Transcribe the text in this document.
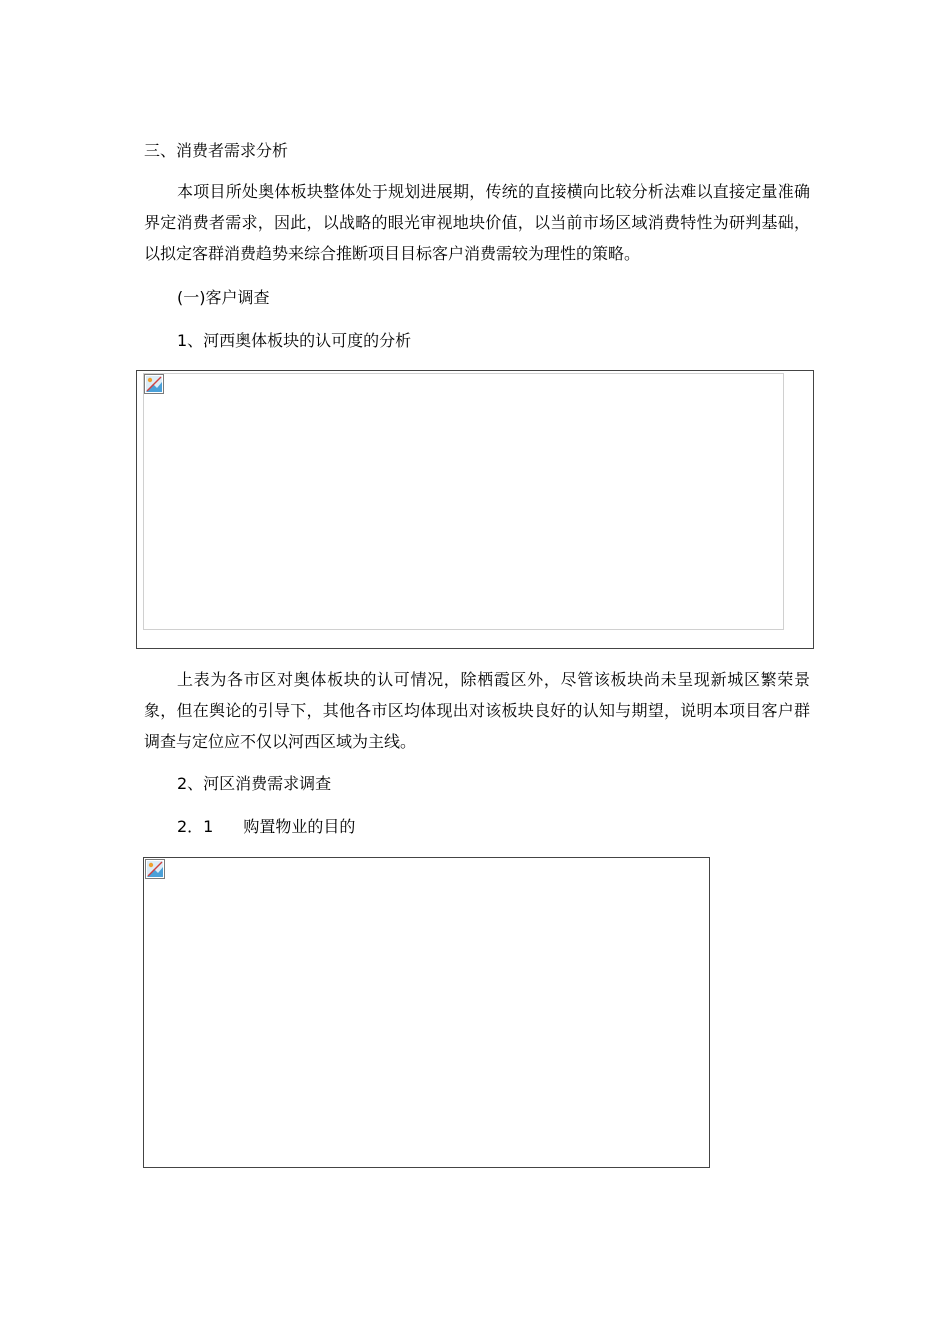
三、消费者需求分析
本项目所处奥体板块整体处于规划进展期，传统的直接横向比较分析法难以直接定量准确界定消费者需求，因此，以战略的眼光审视地块价值，以当前市场区域消费特性为研判基础，以拟定客群消费趋势来综合推断项目目标客户消费需较为理性的策略。
(一)客户调查
1、河西奥体板块的认可度的分析
上表为各市区对奥体板块的认可情况，除栖霞区外，尽管该板块尚未呈现新城区繁荣景象，但在舆论的引导下，其他各市区均体现出对该板块良好的认知与期望，说明本项目客户群调查与定位应不仅以河西区域为主线。
2、河区消费需求调查
2．1 购置物业的目的
